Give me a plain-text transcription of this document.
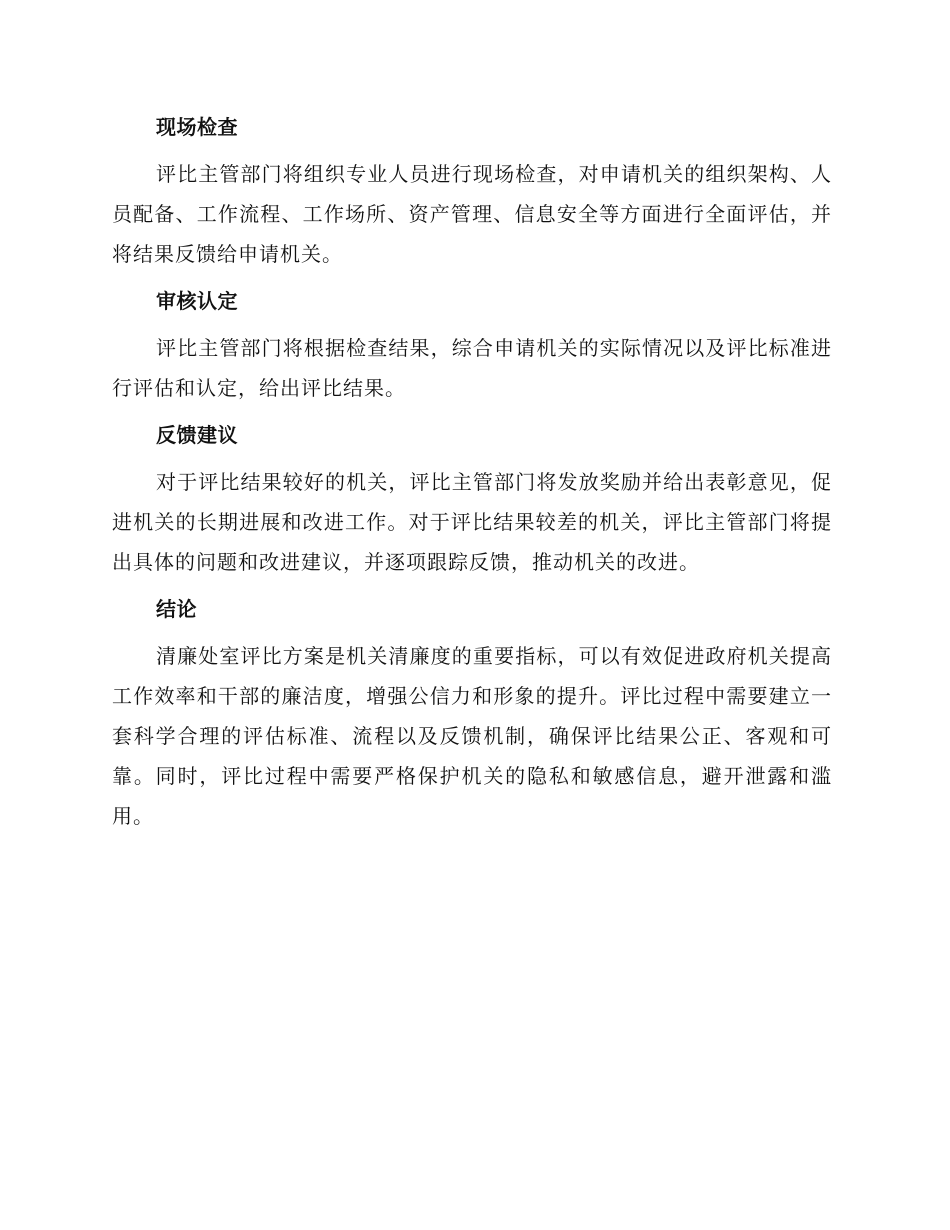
现场检查

评比主管部门将组织专业人员进行现场检查，对申请机关的组织架构、人员配备、工作流程、工作场所、资产管理、信息安全等方面进行全面评估，并将结果反馈给申请机关。

审核认定

评比主管部门将根据检查结果，综合申请机关的实际情况以及评比标准进行评估和认定，给出评比结果。

反馈建议

对于评比结果较好的机关，评比主管部门将发放奖励并给出表彰意见，促进机关的长期进展和改进工作。对于评比结果较差的机关，评比主管部门将提出具体的问题和改进建议，并逐项跟踪反馈，推动机关的改进。

结论

清廉处室评比方案是机关清廉度的重要指标，可以有效促进政府机关提高工作效率和干部的廉洁度，增强公信力和形象的提升。评比过程中需要建立一套科学合理的评估标准、流程以及反馈机制，确保评比结果公正、客观和可靠。同时，评比过程中需要严格保护机关的隐私和敏感信息，避开泄露和滥用。
